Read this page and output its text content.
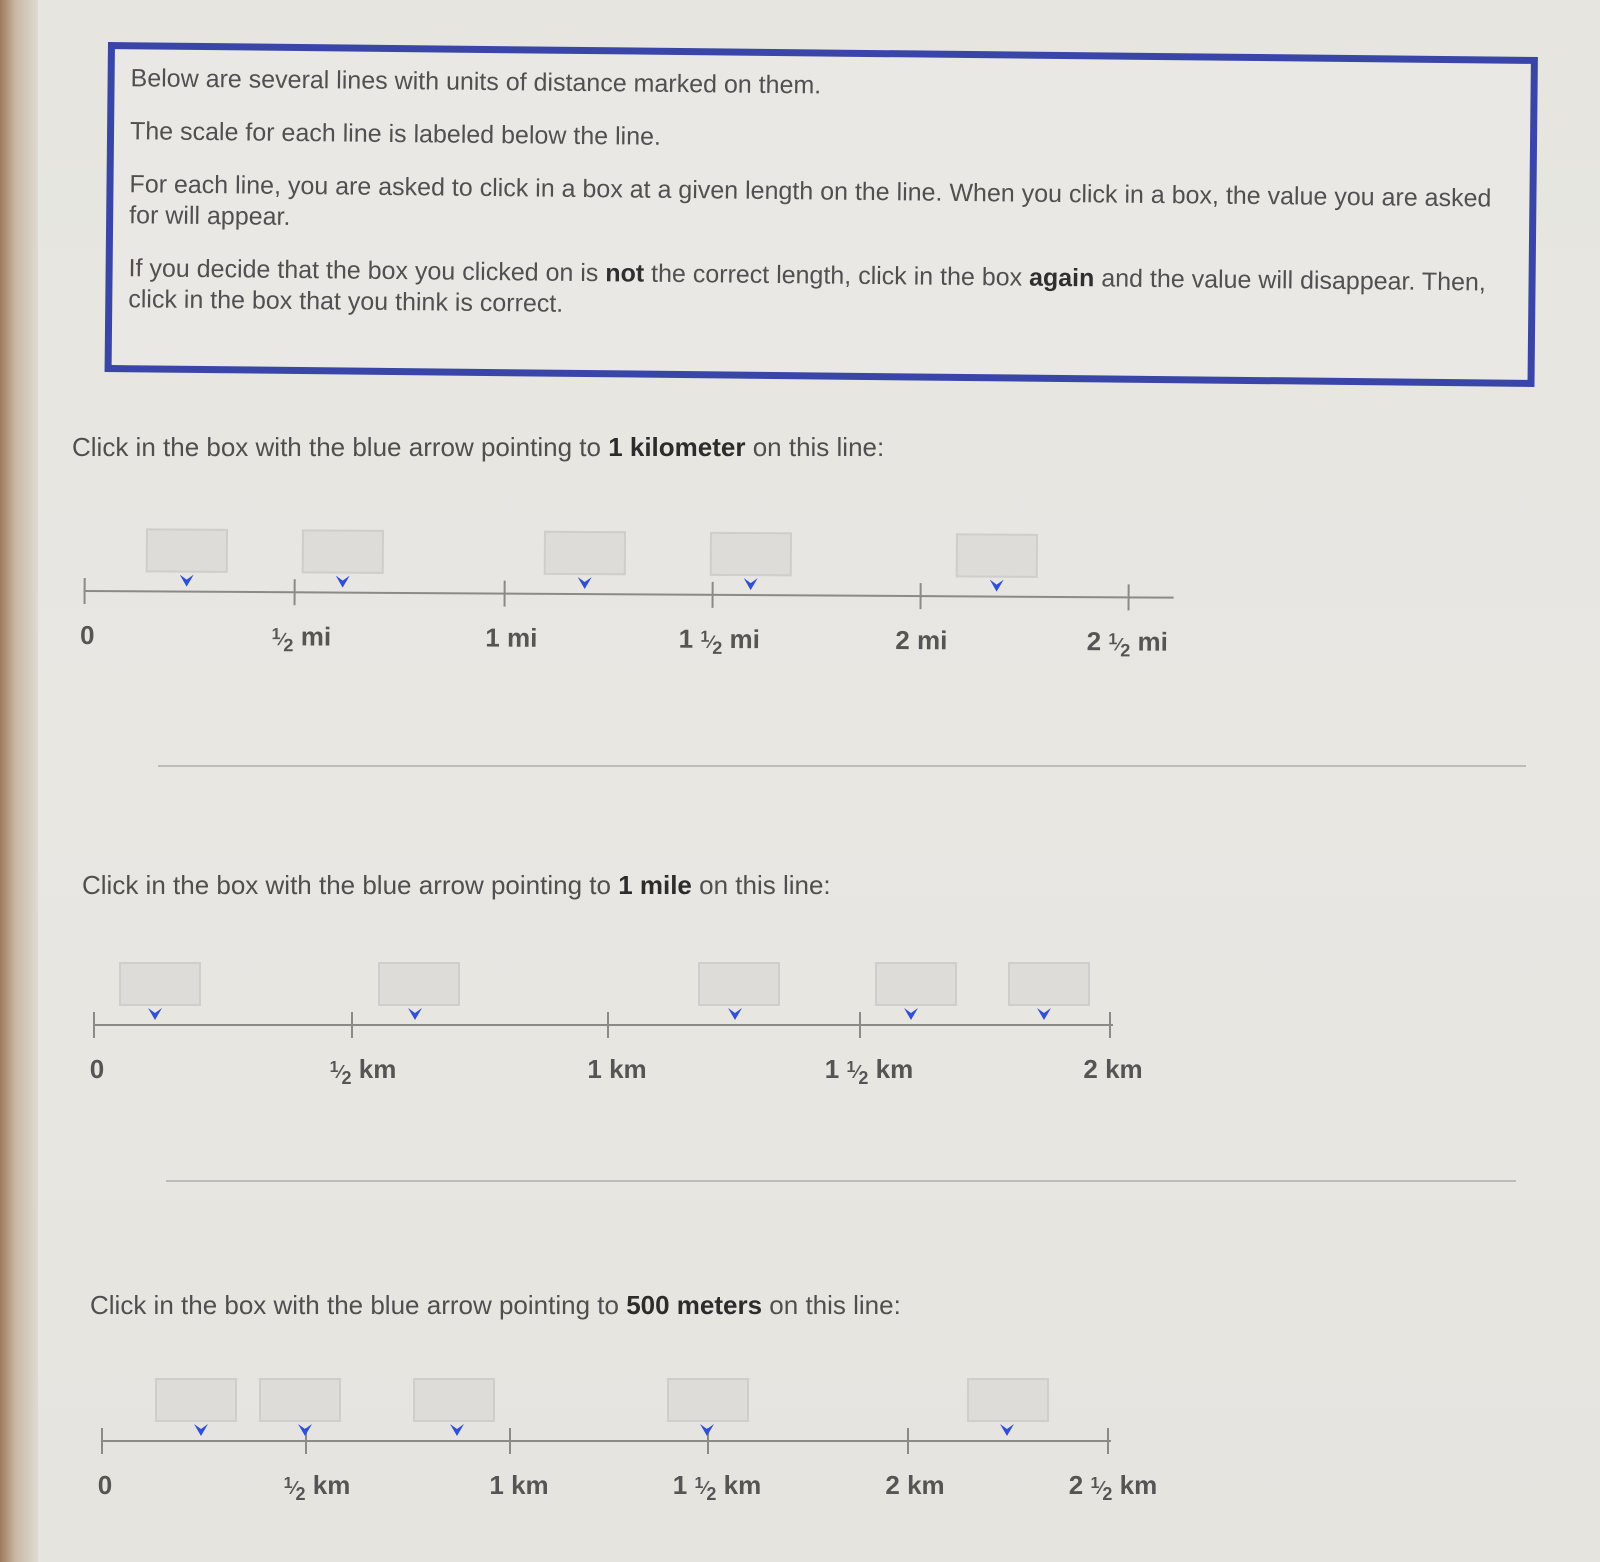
Below are several lines with units of distance marked on them.

The scale for each line is labeled below the line.

For each line, you are asked to click in a box at a given length on the line. When you click in a box, the value you are asked for will appear.

If you decide that the box you clicked on is not the correct length, click in the box again and the value will disappear. Then, click in the box that you think is correct.

Click in the box with the blue arrow pointing to 1 kilometer on this line:
0	$^1⁄_2$ mi	1 mi	1 $^1⁄_2$ mi	2 mi	2 $^1⁄_2$ mi
Click in the box with the blue arrow pointing to 1 mile on this line:
0	$^1⁄_2$ km	1 km	1 $^1⁄_2$ km	2 km
Click in the box with the blue arrow pointing to 500 meters on this line:
0	$^1⁄_2$ km	1 km	1 $^1⁄_2$ km	2 km	2 $^1⁄_2$ km
